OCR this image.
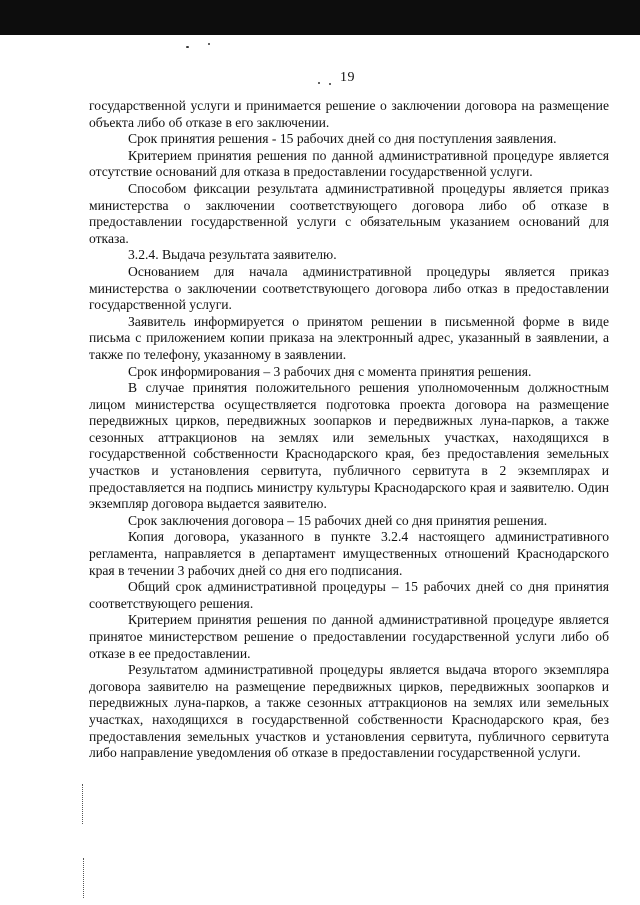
19

государственной услуги и принимается решение о заключении договора на размещение объекта либо об отказе в его заключении.

Срок принятия решения - 15 рабочих дней со дня поступления заявления.

Критерием принятия решения по данной административной процедуре является отсутствие оснований для отказа в предоставлении государственной услуги.

Способом фиксации результата административной процедуры является приказ министерства о заключении соответствующего договора либо об отказе в предоставлении государственной услуги с обязательным указанием оснований для отказа.

3.2.4. Выдача результата заявителю.

Основанием для начала административной процедуры является приказ министерства о заключении соответствующего договора либо отказ в предоставлении государственной услуги.

Заявитель информируется о принятом решении в письменной форме в виде письма с приложением копии приказа на электронный адрес, указанный в заявлении, а также по телефону, указанному в заявлении.

Срок информирования – 3 рабочих дня с момента принятия решения.

В случае принятия положительного решения уполномоченным должностным лицом министерства осуществляется подготовка проекта договора на размещение передвижных цирков, передвижных зоопарков и передвижных луна-парков, а также сезонных аттракционов на землях или земельных участках, находящихся в государственной собственности Краснодарского края, без предоставления земельных участков и установления сервитута, публичного сервитута в 2 экземплярах и предоставляется на подпись министру культуры Краснодарского края и заявителю. Один экземпляр договора выдается заявителю.

Срок заключения договора – 15 рабочих дней со дня принятия решения.

Копия договора, указанного в пункте 3.2.4 настоящего административного регламента, направляется в департамент имущественных отношений Краснодарского края в течении 3 рабочих дней со дня его подписания.

Общий срок административной процедуры – 15 рабочих дней со дня принятия соответствующего решения.

Критерием принятия решения по данной административной процедуре является принятое министерством решение о предоставлении государственной услуги либо об отказе в ее предоставлении.

Результатом административной процедуры является выдача второго экземпляра договора заявителю на размещение передвижных цирков, передвижных зоопарков и передвижных луна-парков, а также сезонных аттракционов на землях или земельных участках, находящихся в государственной собственности Краснодарского края, без предоставления земельных участков и установления сервитута, публичного сервитута либо направление уведомления об отказе в предоставлении государственной услуги.
